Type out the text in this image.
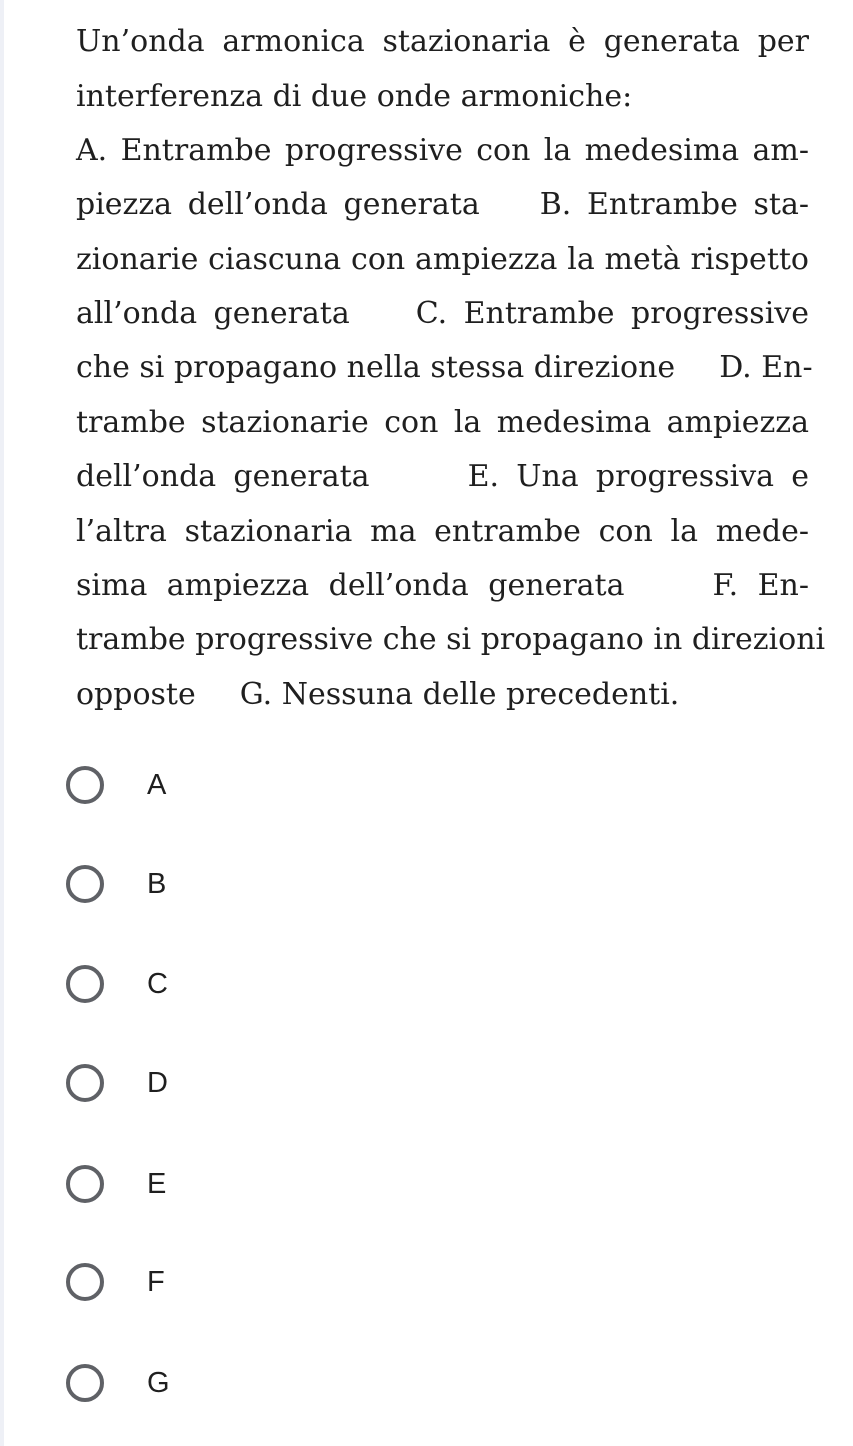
Un’onda armonica stazionaria è generata per
interferenza di due onde armoniche:
A. Entrambe progressive con la medesima am-
piezza dell’onda generata B. Entrambe sta-
zionarie ciascuna con ampiezza la metà rispetto
all’onda generata C. Entrambe progressive
che si propagano nella stessa direzione D. En-
trambe stazionarie con la medesima ampiezza
dell’onda generata	E. Una progressiva e
l’altra stazionaria ma entrambe con la mede-
sima ampiezza dell’onda generata	F. En-
trambe progressive che si propagano in direzioni
opposte G. Nessuna delle precedenti.
A
B
C
D
E
F
G
